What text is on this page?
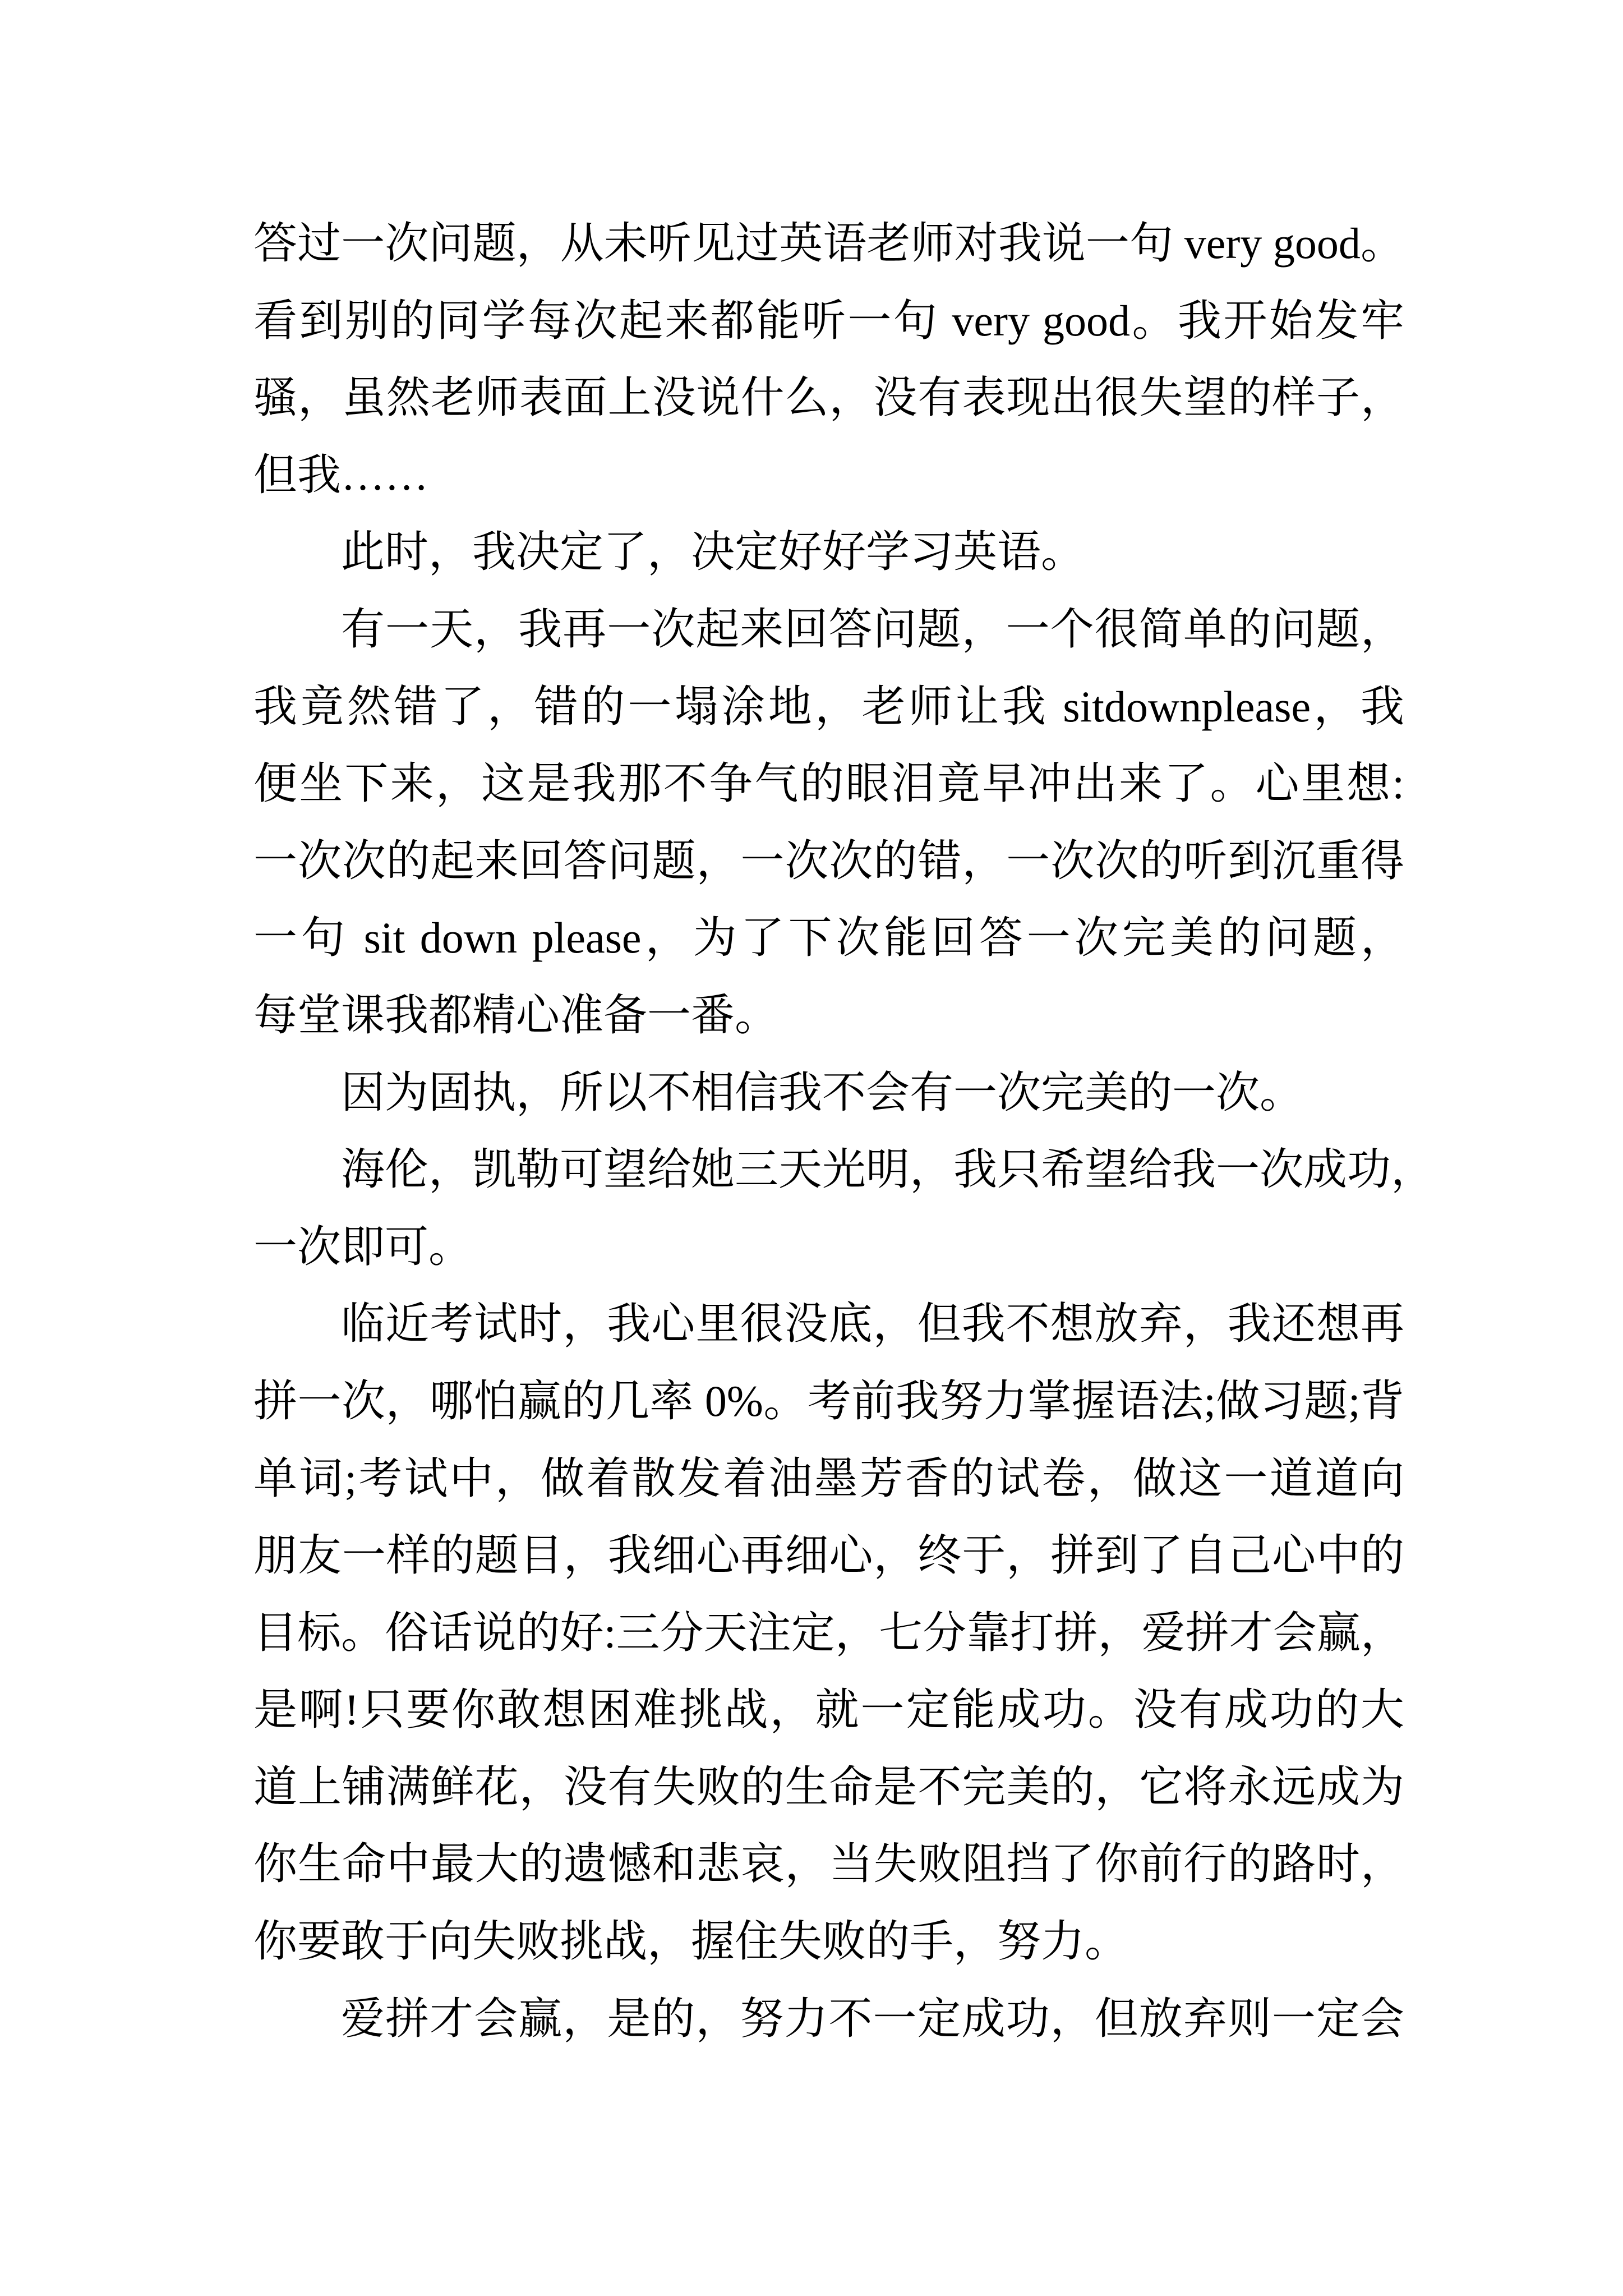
答过一次问题，从未听见过英语老师对我说一句 very good。
看到别的同学每次起来都能听一句 very good。我开始发牢
骚，虽然老师表面上没说什么，没有表现出很失望的样子，
但我……
此时，我决定了，决定好好学习英语。
有一天，我再一次起来回答问题，一个很简单的问题，
我竟然错了，错的一塌涂地，老师让我 sitdownplease，我
便坐下来，这是我那不争气的眼泪竟早冲出来了。心里想:
一次次的起来回答问题，一次次的错，一次次的听到沉重得
一句 sit down please，为了下次能回答一次完美的问题，
每堂课我都精心准备一番。
因为固执，所以不相信我不会有一次完美的一次。
海伦，凯勒可望给她三天光明，我只希望给我一次成功，
一次即可。
临近考试时，我心里很没底，但我不想放弃，我还想再
拼一次，哪怕赢的几率 0%。考前我努力掌握语法;做习题;背
单词;考试中，做着散发着油墨芳香的试卷，做这一道道向
朋友一样的题目，我细心再细心，终于，拼到了自己心中的
目标。俗话说的好:三分天注定，七分靠打拼，爱拼才会赢，
是啊!只要你敢想困难挑战，就一定能成功。没有成功的大
道上铺满鲜花，没有失败的生命是不完美的，它将永远成为
你生命中最大的遗憾和悲哀，当失败阻挡了你前行的路时，
你要敢于向失败挑战，握住失败的手，努力。
爱拼才会赢，是的，努力不一定成功，但放弃则一定会
